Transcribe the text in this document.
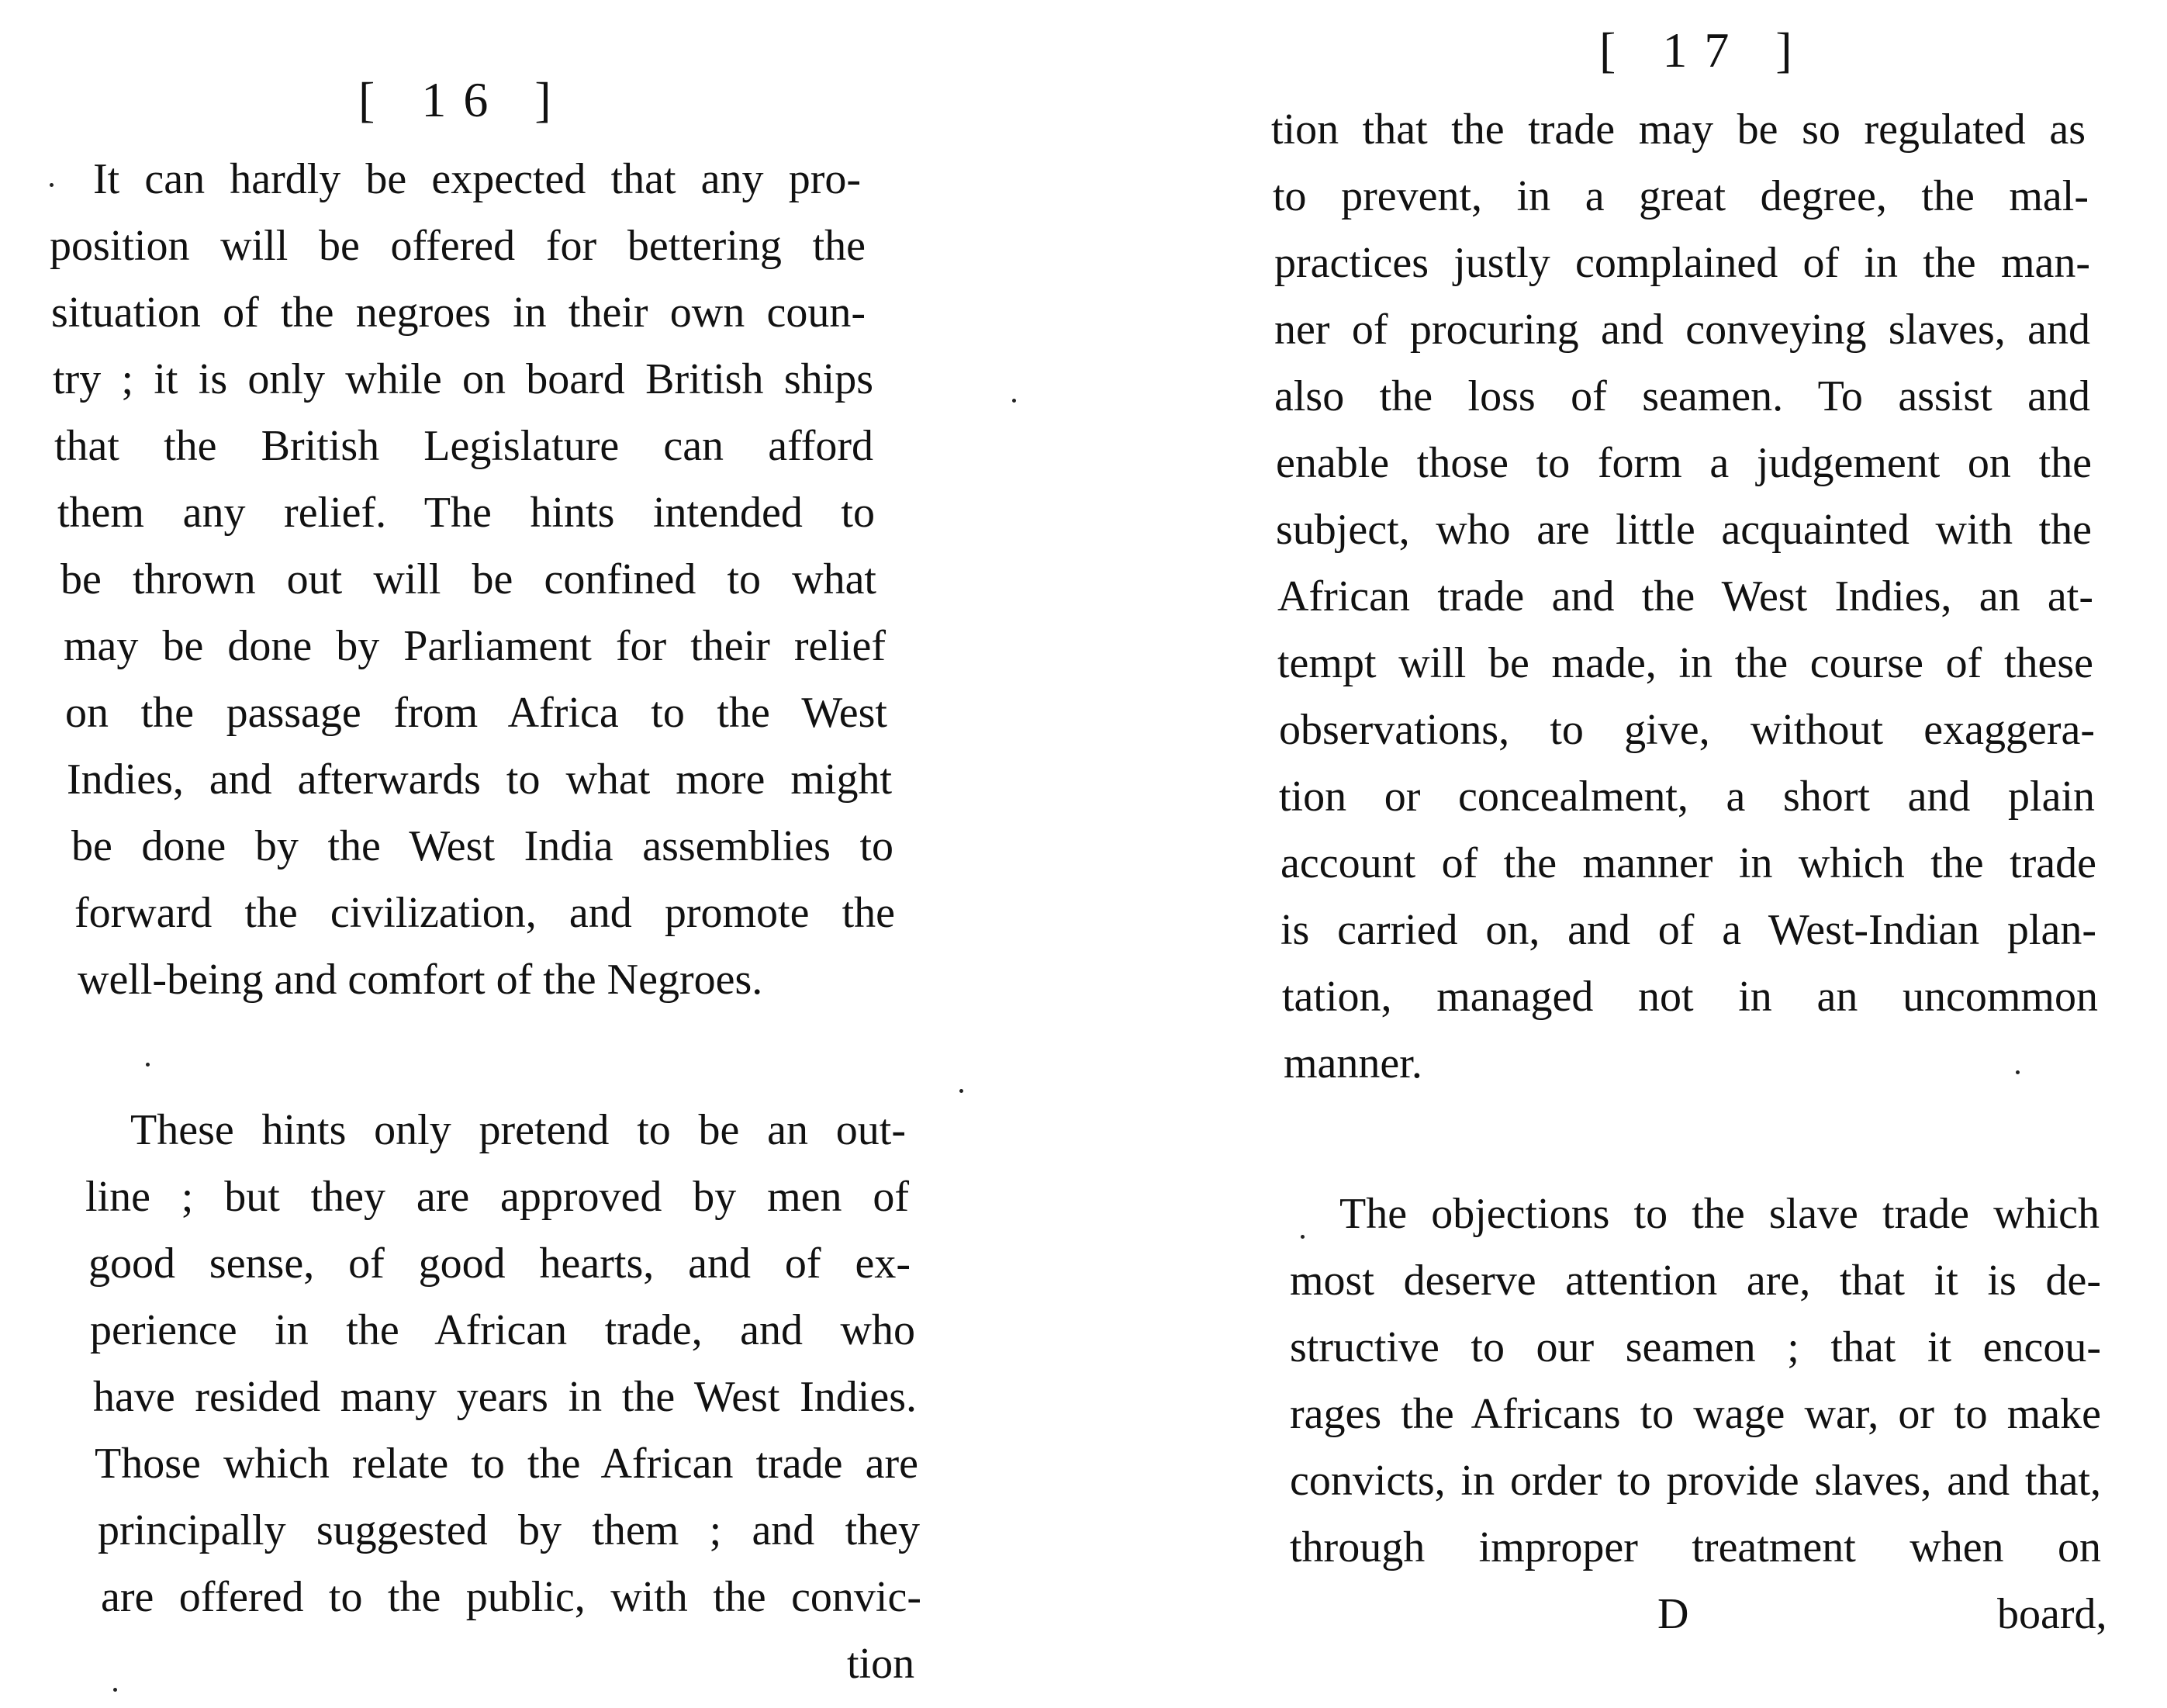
[ 16 ]
It can hardly be expected that any pro-
position will be offered for bettering the
situation of the negroes in their own coun-
try ; it is only while on board British ships
that the British Legislature can afford
them any relief. The hints intended to
be thrown out will be confined to what
may be done by Parliament for their relief
on the passage from Africa to the West
Indies, and afterwards to what more might
be done by the West India assemblies to
forward the civilization, and promote the
well-being and comfort of the Negroes.
These hints only pretend to be an out-
line ; but they are approved by men of
good sense, of good hearts, and of ex-
perience in the African trade, and who
have resided many years in the West Indies.
Those which relate to the African trade are
principally suggested by them ; and they
are offered to the public, with the convic-
tion
[ 17 ]
tion that the trade may be so regulated as
to prevent, in a great degree, the mal-
practices justly complained of in the man-
ner of procuring and conveying slaves, and
also the loss of seamen. To assist and
enable those to form a judgement on the
subject, who are little acquainted with the
African trade and the West Indies, an at-
tempt will be made, in the course of these
observations, to give, without exaggera-
tion or concealment, a short and plain
account of the manner in which the trade
is carried on, and of a West-Indian plan-
tation, managed not in an uncommon
manner.
The objections to the slave trade which
most deserve attention are, that it is de-
structive to our seamen ; that it encou-
rages the Africans to wage war, or to make
convicts, in order to provide slaves, and that,
through improper treatment when on
D	board,
